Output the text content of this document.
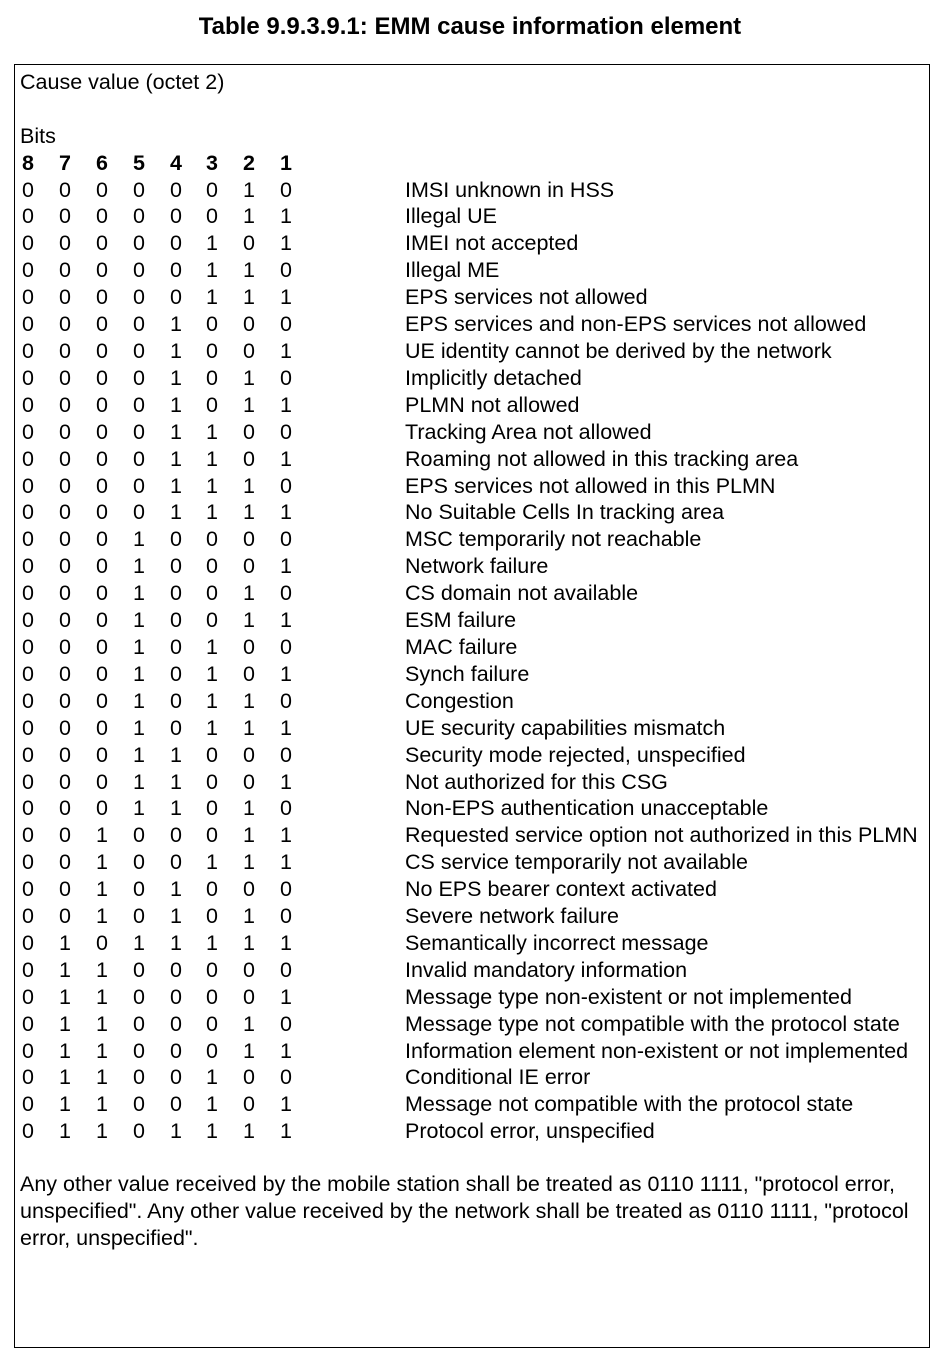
Table 9.9.3.9.1: EMM cause information element
Cause value (octet 2)
Bits
8 7 6 5 4 3 2 1
0 0 0 0 0 0 1 0	IMSI unknown in HSS
0 0 0 0 0 0 1 1	Illegal UE
0 0 0 0 0 1 0 1	IMEI not accepted
0 0 0 0 0 1 1 0	Illegal ME
0 0 0 0 0 1 1 1	EPS services not allowed
0 0 0 0 1 0 0 0	EPS services and non-EPS services not allowed
0 0 0 0 1 0 0 1	UE identity cannot be derived by the network
0 0 0 0 1 0 1 0	Implicitly detached
0 0 0 0 1 0 1 1	PLMN not allowed
0 0 0 0 1 1 0 0	Tracking Area not allowed
0 0 0 0 1 1 0 1	Roaming not allowed in this tracking area
0 0 0 0 1 1 1 0	EPS services not allowed in this PLMN
0 0 0 0 1 1 1 1	No Suitable Cells In tracking area
0 0 0 1 0 0 0 0	MSC temporarily not reachable
0 0 0 1 0 0 0 1	Network failure
0 0 0 1 0 0 1 0	CS domain not available
0 0 0 1 0 0 1 1	ESM failure
0 0 0 1 0 1 0 0	MAC failure
0 0 0 1 0 1 0 1	Synch failure
0 0 0 1 0 1 1 0	Congestion
0 0 0 1 0 1 1 1	UE security capabilities mismatch
0 0 0 1 1 0 0 0	Security mode rejected, unspecified
0 0 0 1 1 0 0 1	Not authorized for this CSG
0 0 0 1 1 0 1 0	Non-EPS authentication unacceptable
0 0 1 0 0 0 1 1	Requested service option not authorized in this PLMN
0 0 1 0 0 1 1 1	CS service temporarily not available
0 0 1 0 1 0 0 0	No EPS bearer context activated
0 0 1 0 1 0 1 0	Severe network failure
0 1 0 1 1 1 1 1	Semantically incorrect message
0 1 1 0 0 0 0 0	Invalid mandatory information
0 1 1 0 0 0 0 1	Message type non-existent or not implemented
0 1 1 0 0 0 1 0	Message type not compatible with the protocol state
0 1 1 0 0 0 1 1	Information element non-existent or not implemented
0 1 1 0 0 1 0 0	Conditional IE error
0 1 1 0 0 1 0 1	Message not compatible with the protocol state
0 1 1 0 1 1 1 1	Protocol error, unspecified
Any other value received by the mobile station shall be treated as 0110 1111, "protocol error, unspecified". Any other value received by the network shall be treated as 0110 1111, "protocol error, unspecified".
